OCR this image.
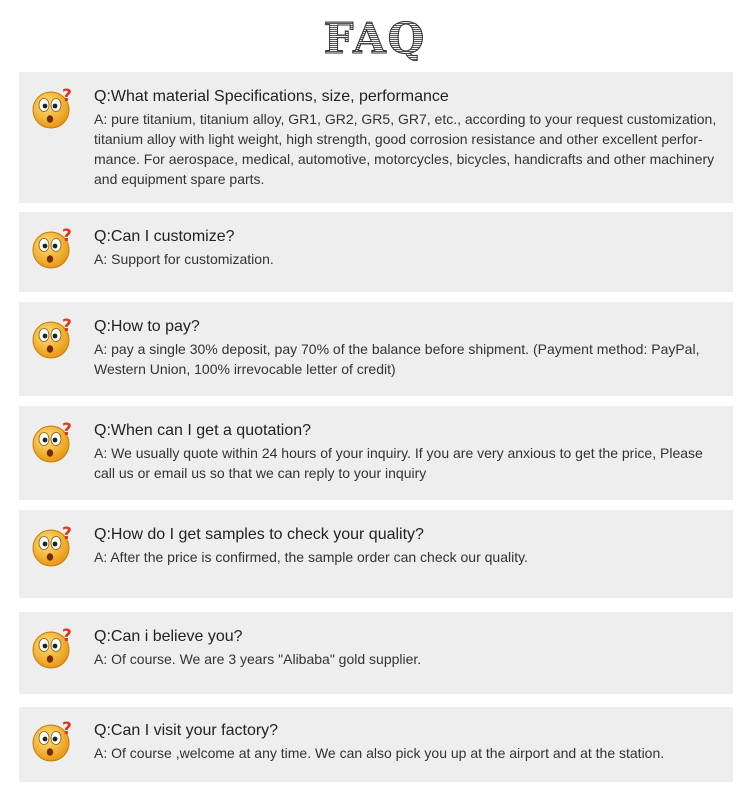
FAQ
? Q:What material Specifications, size, performance

A: pure titanium, titanium alloy, GR1, GR2, GR5, GR7, etc., according to your request customization, titanium alloy with light weight, high strength, good corrosion resistance and other excellent perfor-mance. For aerospace, medical, automotive, motorcycles, bicycles, handicrafts and other machinery and equipment spare parts.

? Q:Can I customize?

A: Support for customization.

? Q:How to pay?

A: pay a single 30% deposit, pay 70% of the balance before shipment. (Payment method: PayPal, Western Union, 100% irrevocable letter of credit)

? Q:When can I get a quotation?

A: We usually quote within 24 hours of your inquiry. If you are very anxious to get the price, Please call us or email us so that we can reply to your inquiry

? Q:How do I get samples to check your quality?

A: After the price is confirmed, the sample order can check our quality.

? Q:Can i believe you?

A: Of course. We are 3 years "Alibaba" gold supplier.

? Q:Can I visit your factory?

A: Of course ,welcome at any time. We can also pick you up at the airport and at the station.
